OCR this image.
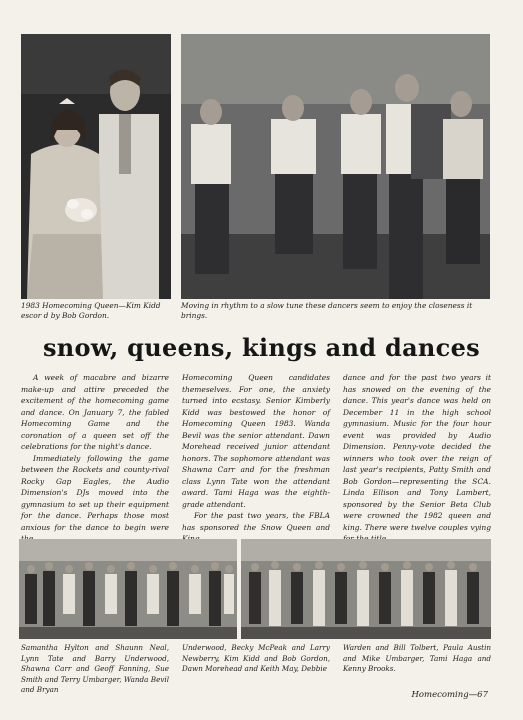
1983 Homecoming Queen—Kim Kidd escor d by Bob Gordon.
Moving in rhythm to a slow tune these dancers seem to enjoy the closeness it brings.
snow, queens, kings and dances

A week of macabre and bizarre make-up and attire preceded the excitement of the homecoming game and dance. On January 7, the fabled Homecoming Game and the coronation of a queen set off the celebrations for the night's dance.

Immediately following the game between the Rockets and county-rival Rocky Gap Eagles, the Audio Dimension's DJs moved into the gymnasium to set up their equipment for the dance. Perhaps those most anxious for the dance to begin were

Homecoming Queen candidates themeselves. For one, the anxiety turned into ecstasy. Senior Kimberly Kidd was bestowed the honor of Homecoming Queen 1983. Wanda Bevil was the senior attendant. Dawn Morehead received junior attendant honors. The sophomore attendant was Shawna Carr and for the freshman class Lynn Tate won the attendant award. Tami Haga was the eighth-grade attendant.

For the past two years, the FBLA has sponsored the Snow Queen and

dance and for the past two years it has snowed on the evening of the dance. This year's dance was held on December 11 in the high school gymnasium. Music for the four hour event was provided by Audio Dimension. Penny-vote decided the winners who took over the reign of last year's recipients, Patty Smith and Bob Gordon—representing the SCA. Linda Ellison and Tony Lambert, sponsored by the Senior Beta Club were crowned the 1982 queen and king. There were twelve couples vying

Samantha Hylton and Shaunn Neal, Lynn Tate and Barry Underwood, Shawna Carr and Geoff Fanning, Sue Smith and Terry Umbarger, Wanda Bevil and Bryan
Underwood, Becky McPeak and Larry Newberry, Kim Kidd and Bob Gordon, Dawn Morehead and Keith May, Debbie
Warden and Bill Tolbert, Paula Austin and Mike Umbarger, Tami Haga and Kenny Brooks.
Homecoming—67
